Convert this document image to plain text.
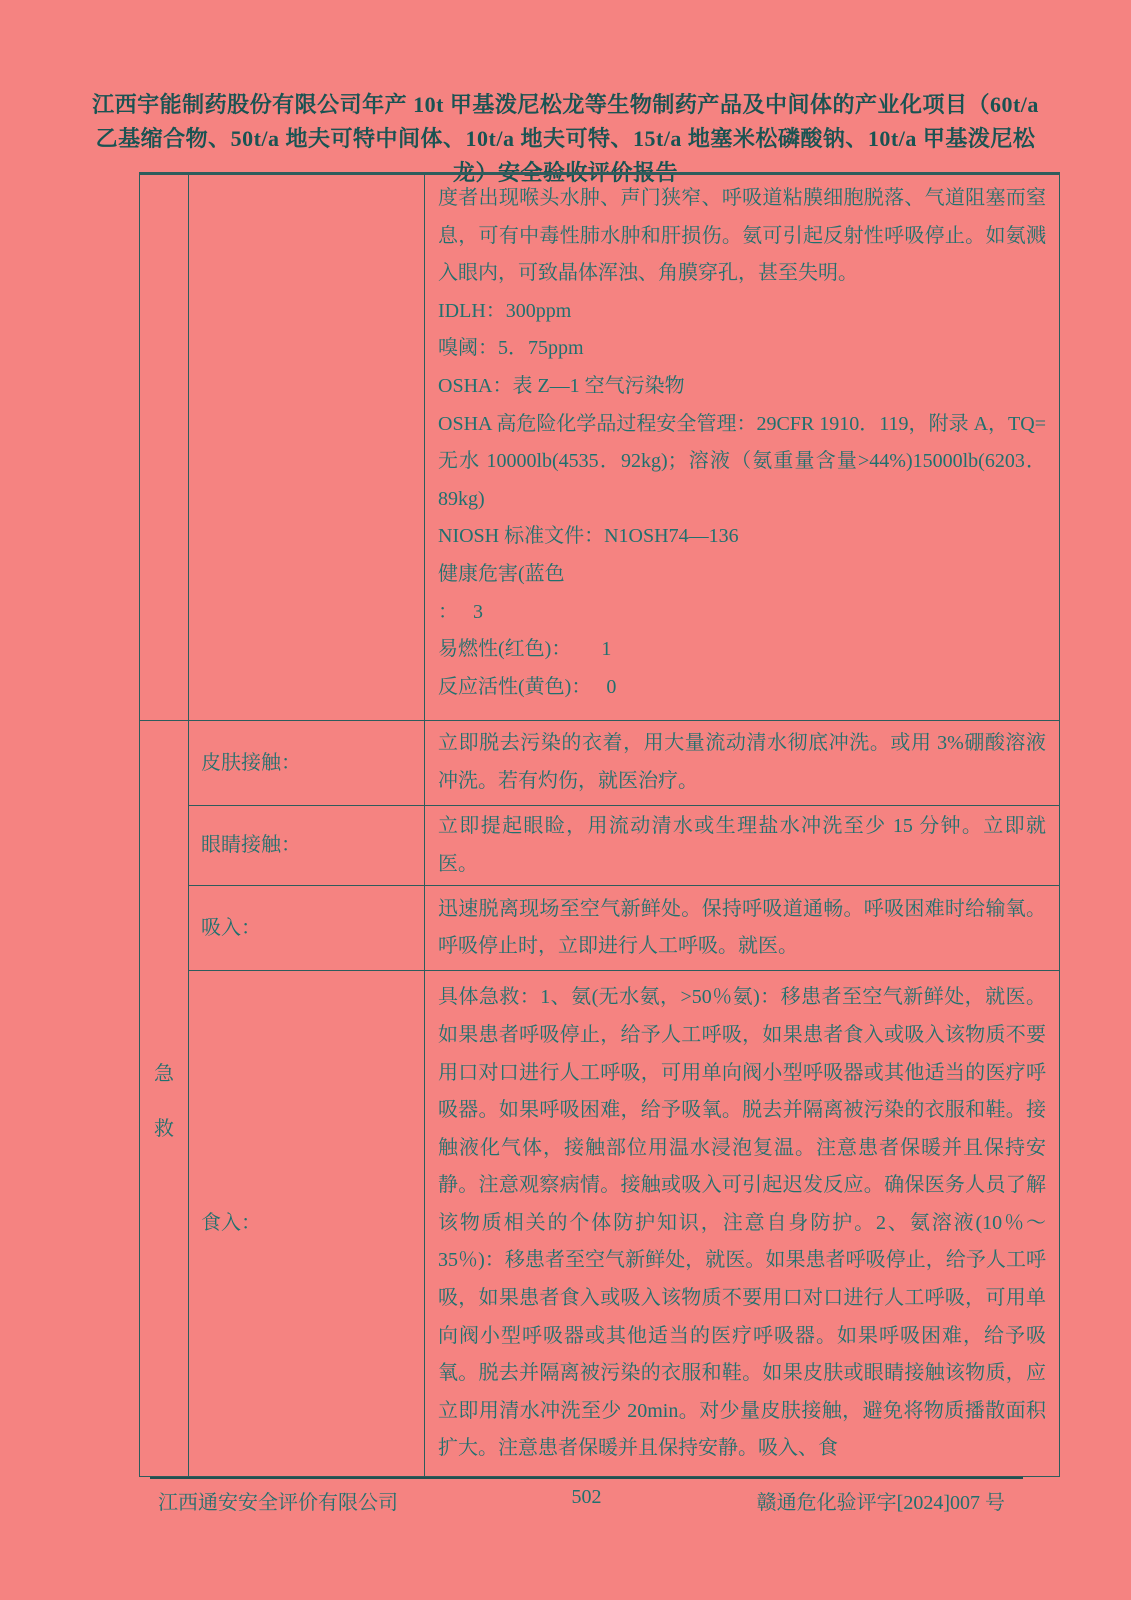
江西宇能制药股份有限公司年产 10t 甲基泼尼松龙等生物制药产品及中间体的产业化项目（60t/a
乙基缩合物、50t/a 地夫可特中间体、10t/a 地夫可特、15t/a 地塞米松磷酸钠、10t/a 甲基泼尼松
龙）安全验收评价报告

度者出现喉头水肿、声门狭窄、呼吸道粘膜细胞脱落、气道阻塞而窒息，可有中毒性肺水肿和肝损伤。氨可引起反射性呼吸停止。如氨溅入眼内，可致晶体浑浊、角膜穿孔，甚至失明。

IDLH：300ppm

嗅阈：5．75ppm

OSHA：表 Z—1 空气污染物

OSHA 高危险化学品过程安全管理：29CFR 1910．119，附录 A，TQ=无水 10000lb(4535．92kg)；溶液（氨重量含量>44%)15000lb(6203．89kg)

NIOSH 标准文件：N1OSH74—136

健康危害(蓝色

：　 3

易燃性(红色)：　　1

反应活性(黄色)：　 0

急
救	皮肤接触：	立即脱去污染的衣着，用大量流动清水彻底冲洗。或用 3%硼酸溶液冲洗。若有灼伤，就医治疗。
	眼睛接触：	立即提起眼睑，用流动清水或生理盐水冲洗至少 15 分钟。立即就医。
	吸入：	迅速脱离现场至空气新鲜处。保持呼吸道通畅。呼吸困难时给输氧。呼吸停止时，立即进行人工呼吸。就医。
	食入：	具体急救：1、氨(无水氨，>50％氨)：移患者至空气新鲜处，就医。如果患者呼吸停止，给予人工呼吸，如果患者食入或吸入该物质不要用口对口进行人工呼吸，可用单向阀小型呼吸器或其他适当的医疗呼吸器。如果呼吸困难，给予吸氧。脱去并隔离被污染的衣服和鞋。接触液化气体，接触部位用温水浸泡复温。注意患者保暖并且保持安静。注意观察病情。接触或吸入可引起迟发反应。确保医务人员了解该物质相关的个体防护知识，注意自身防护。2、氨溶液(10％～35％)：移患者至空气新鲜处，就医。如果患者呼吸停止，给予人工呼吸，如果患者食入或吸入该物质不要用口对口进行人工呼吸，可用单向阀小型呼吸器或其他适当的医疗呼吸器。如果呼吸困难，给予吸氧。脱去并隔离被污染的衣服和鞋。如果皮肤或眼睛接触该物质，应立即用清水冲洗至少 20min。对少量皮肤接触，避免将物质播散面积扩大。注意患者保暖并且保持安静。吸入、食
江西通安安全评价有限公司	502	赣通危化验评字[2024]007 号
